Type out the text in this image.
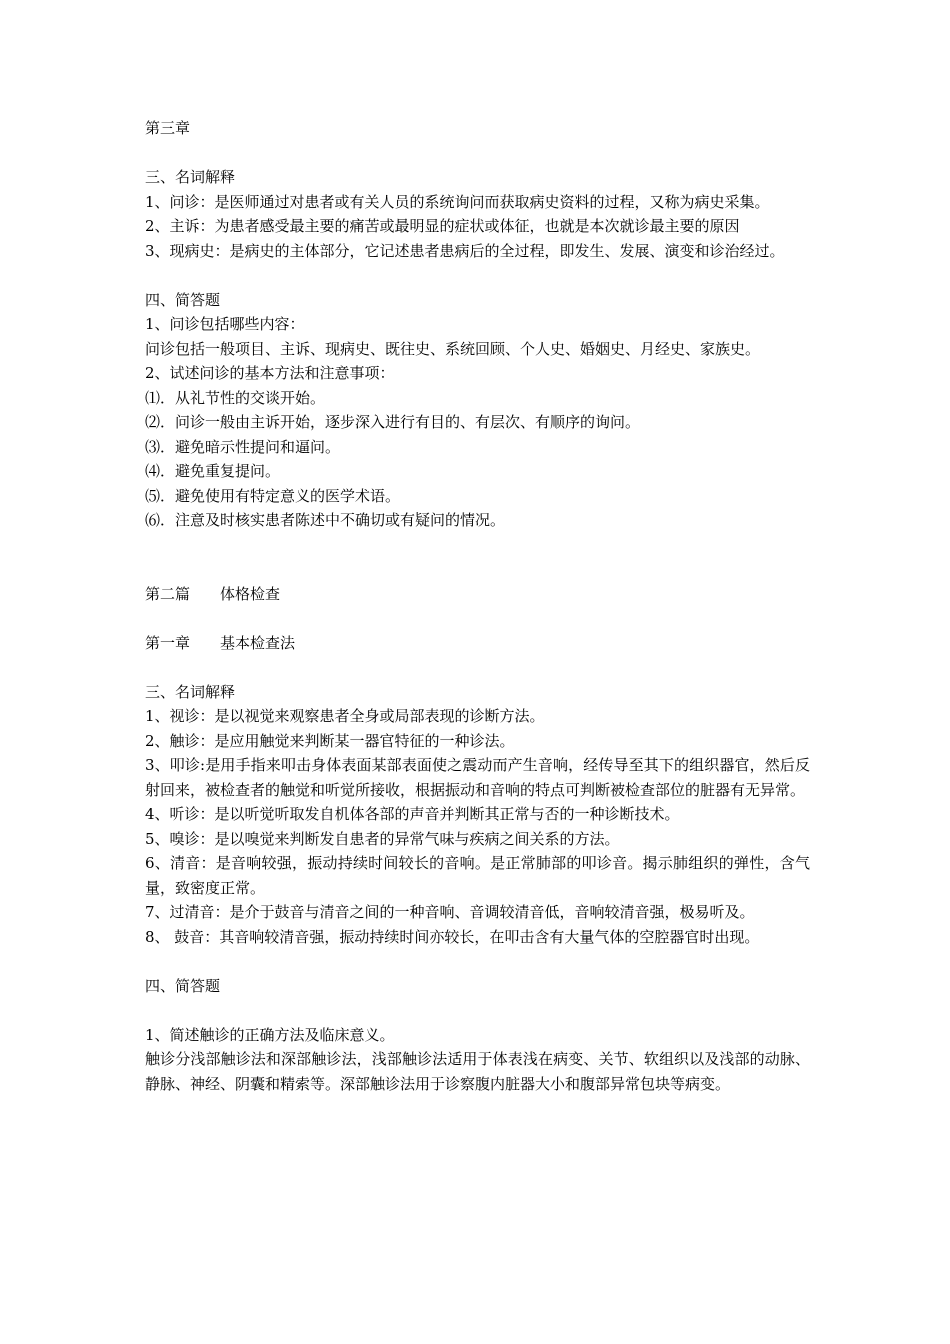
第三章
三、名词解释
1、问诊：是医师通过对患者或有关人员的系统询问而获取病史资料的过程，又称为病史采集。
2、主诉：为患者感受最主要的痛苦或最明显的症状或体征，也就是本次就诊最主要的原因
3、现病史：是病史的主体部分，它记述患者患病后的全过程，即发生、发展、演变和诊治经过。
四、简答题
1、问诊包括哪些内容：
问诊包括一般项目、主诉、现病史、既往史、系统回顾、个人史、婚姻史、月经史、家族史。
2、试述问诊的基本方法和注意事项：
⑴．从礼节性的交谈开始。
⑵．问诊一般由主诉开始，逐步深入进行有目的、有层次、有顺序的询问。
⑶．避免暗示性提问和逼问。
⑷．避免重复提问。
⑸．避免使用有特定意义的医学术语。
⑹．注意及时核实患者陈述中不确切或有疑问的情况。
第二篇　　体格检查
第一章　　基本检查法
三、名词解释
1、视诊：是以视觉来观察患者全身或局部表现的诊断方法。
2、触诊：是应用触觉来判断某一器官特征的一种诊法。
3、叩诊:是用手指来叩击身体表面某部表面使之震动而产生音响，经传导至其下的组织器官，然后反射回来，被检查者的触觉和听觉所接收，根据振动和音响的特点可判断被检查部位的脏器有无异常。
4、听诊：是以听觉听取发自机体各部的声音并判断其正常与否的一种诊断技术。
5、嗅诊：是以嗅觉来判断发自患者的异常气味与疾病之间关系的方法。
6、清音：是音响较强，振动持续时间较长的音响。是正常肺部的叩诊音。揭示肺组织的弹性，含气量，致密度正常。
7、过清音：是介于鼓音与清音之间的一种音响、音调较清音低，音响较清音强，极易听及。
8、 鼓音：其音响较清音强，振动持续时间亦较长，在叩击含有大量气体的空腔器官时出现。
四、简答题
1、简述触诊的正确方法及临床意义。
触诊分浅部触诊法和深部触诊法，浅部触诊法适用于体表浅在病变、关节、软组织以及浅部的动脉、静脉、神经、阴囊和精索等。深部触诊法用于诊察腹内脏器大小和腹部异常包块等病变。
